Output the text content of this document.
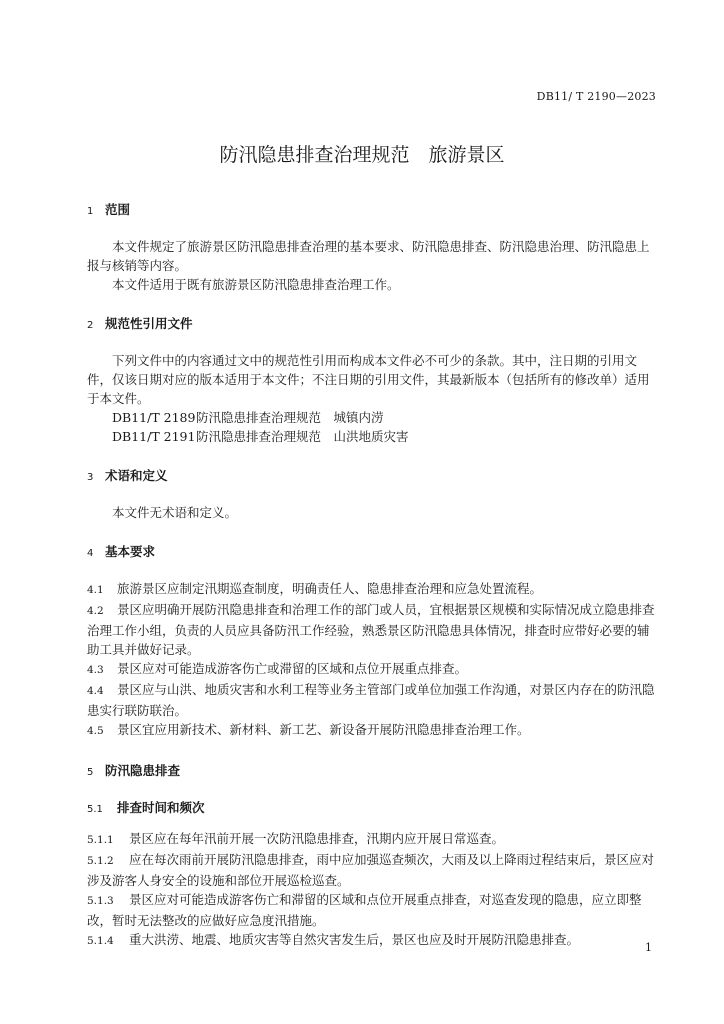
DB11/ T 2190—2023
防汛隐患排查治理规范　旅游景区
1 范围

本文件规定了旅游景区防汛隐患排查治理的基本要求、防汛隐患排查、防汛隐患治理、防汛隐患上报与核销等内容。

本文件适用于既有旅游景区防汛隐患排查治理工作。

2 规范性引用文件

下列文件中的内容通过文中的规范性引用而构成本文件必不可少的条款。其中，注日期的引用文件，仅该日期对应的版本适用于本文件；不注日期的引用文件，其最新版本（包括所有的修改单）适用于本文件。

DB11/T 2189防汛隐患排查治理规范　城镇内涝
DB11/T 2191防汛隐患排查治理规范　山洪地质灾害
3 术语和定义

本文件无术语和定义。

4 基本要求

4.1 旅游景区应制定汛期巡查制度，明确责任人、隐患排查治理和应急处置流程。

4.2 景区应明确开展防汛隐患排查和治理工作的部门或人员，宜根据景区规模和实际情况成立隐患排查治理工作小组，负责的人员应具备防汛工作经验，熟悉景区防汛隐患具体情况，排查时应带好必要的辅助工具并做好记录。

4.3 景区应对可能造成游客伤亡或滞留的区域和点位开展重点排查。

4.4 景区应与山洪、地质灾害和水利工程等业务主管部门或单位加强工作沟通，对景区内存在的防汛隐患实行联防联治。

4.5 景区宜应用新技术、新材料、新工艺、新设备开展防汛隐患排查治理工作。

5 防汛隐患排查
5.1 排查时间和频次

5.1.1 景区应在每年汛前开展一次防汛隐患排查，汛期内应开展日常巡查。

5.1.2 应在每次雨前开展防汛隐患排查，雨中应加强巡查频次，大雨及以上降雨过程结束后，景区应对涉及游客人身安全的设施和部位开展巡检巡查。

5.1.3 景区应对可能造成游客伤亡和滞留的区域和点位开展重点排查，对巡查发现的隐患，应立即整改，暂时无法整改的应做好应急度汛措施。

5.1.4 重大洪涝、地震、地质灾害等自然灾害发生后，景区也应及时开展防汛隐患排查。

1
